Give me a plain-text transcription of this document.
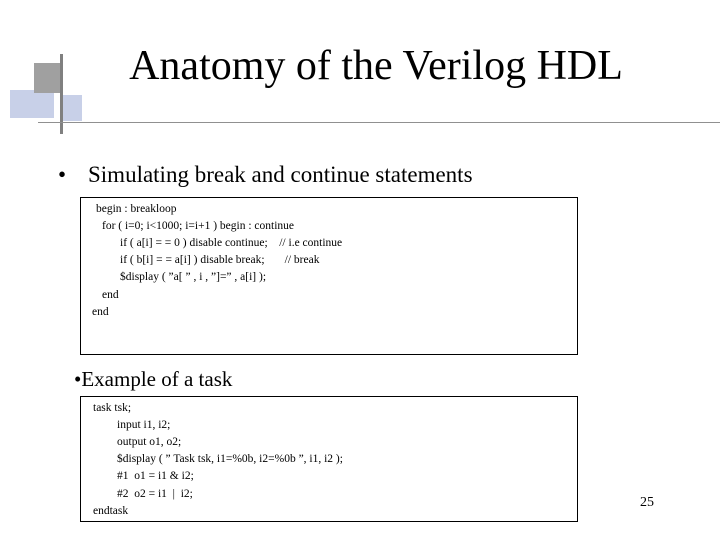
Anatomy of the Verilog HDL
• Simulating break and continue statements
begin : breakloop
for ( i=0; i<1000; i=i+1 ) begin : continue
if ( a[i] = = 0 ) disable continue;    // i.e continue
if ( b[i] = = a[i] ) disable break;       // break
$display ( ”a[ ” , i , ”]=” , a[i] );
end
end
•Example of a task
task tsk;
input i1, i2;
output o1, o2;
$display ( ” Task tsk, i1=%0b, i2=%0b ”, i1, i2 );
#1  o1 = i1 & i2;
#2  o2 = i1  |  i2;
endtask
25
